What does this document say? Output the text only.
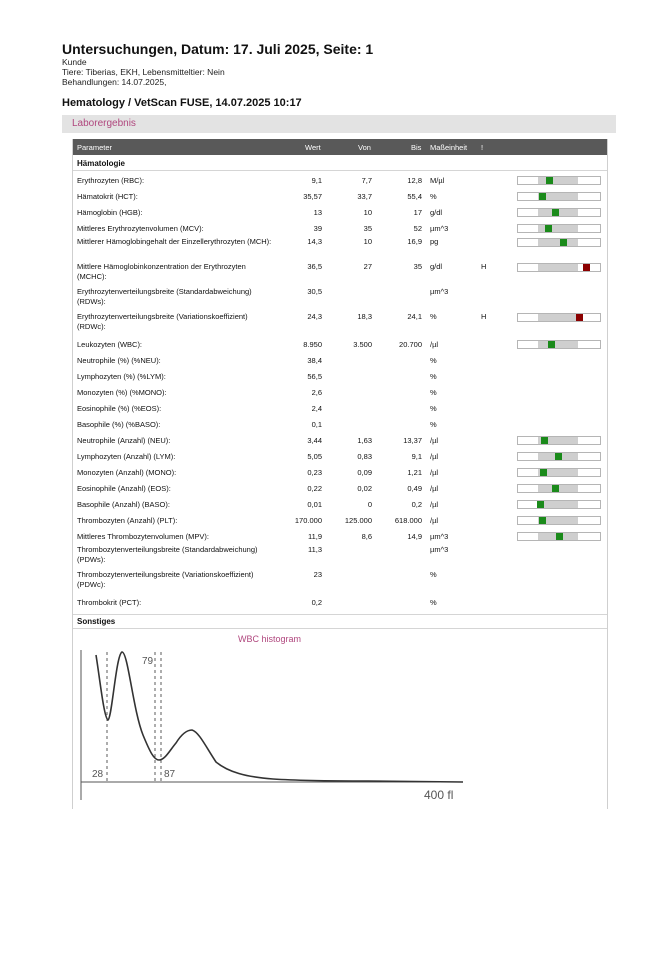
Untersuchungen, Datum: 17. Juli 2025, Seite: 1
Kunde
Tiere: Tiberias, EKH, Lebensmitteltier: Nein
Behandlungen: 14.07.2025,
Hematology / VetScan FUSE, 14.07.2025 10:17
Laborergebnis
Parameter	Wert	Von	Bis Maßeinheit !
Hämatologie
Erythrozyten (RBC):	9,1	7,7	12,8 M/µl
Hämatokrit (HCT):	35,57	33,7	55,4 %
Hämoglobin (HGB):	13	10	17 g/dl
Mittleres Erythrozytenvolumen (MCV):	39	35	52 µm^3
Mittlerer Hämoglobingehalt der Einzellerythrozyten (MCH):	14,3	10	16,9 pg
Mittlere Hämoglobinkonzentration der Erythrozyten (MCHC):
36,5	27	35 g/dl	H
Erythrozytenverteilungsbreite (Standardabweichung) (RDWs):
30,5	µm^3
Erythrozytenverteilungsbreite (Variationskoeffizient) (RDWc):
24,3	18,3	24,1 %	H
Leukozyten (WBC):	8.950	3.500	20.700 /µl
Neutrophile (%) (%NEU):	38,4	%
Lymphozyten (%) (%LYM):	56,5	%
Monozyten (%) (%MONO):	2,6	%
Eosinophile (%) (%EOS):	2,4	%
Basophile (%) (%BASO):	0,1	%
Neutrophile (Anzahl) (NEU):	3,44	1,63	13,37 /µl
Lymphozyten (Anzahl) (LYM):	5,05	0,83	9,1 /µl
Monozyten (Anzahl) (MONO):	0,23	0,09	1,21 /µl
Eosinophile (Anzahl) (EOS):	0,22	0,02	0,49 /µl
Basophile (Anzahl) (BASO):	0,01	0	0,2 /µl
Thrombozyten (Anzahl) (PLT):	170.000	125.000	618.000 /µl
Mittleres Thrombozytenvolumen (MPV):	11,9	8,6	14,9 µm^3
Thrombozytenverteilungsbreite (Standardabweichung) (PDWs):
11,3	µm^3
Thrombozytenverteilungsbreite (Variationskoeffizient) (PDWc):
23	%
Thrombokrit (PCT):	0,2	%
Sonstiges
WBC histogram
79
28	87
400 fl
